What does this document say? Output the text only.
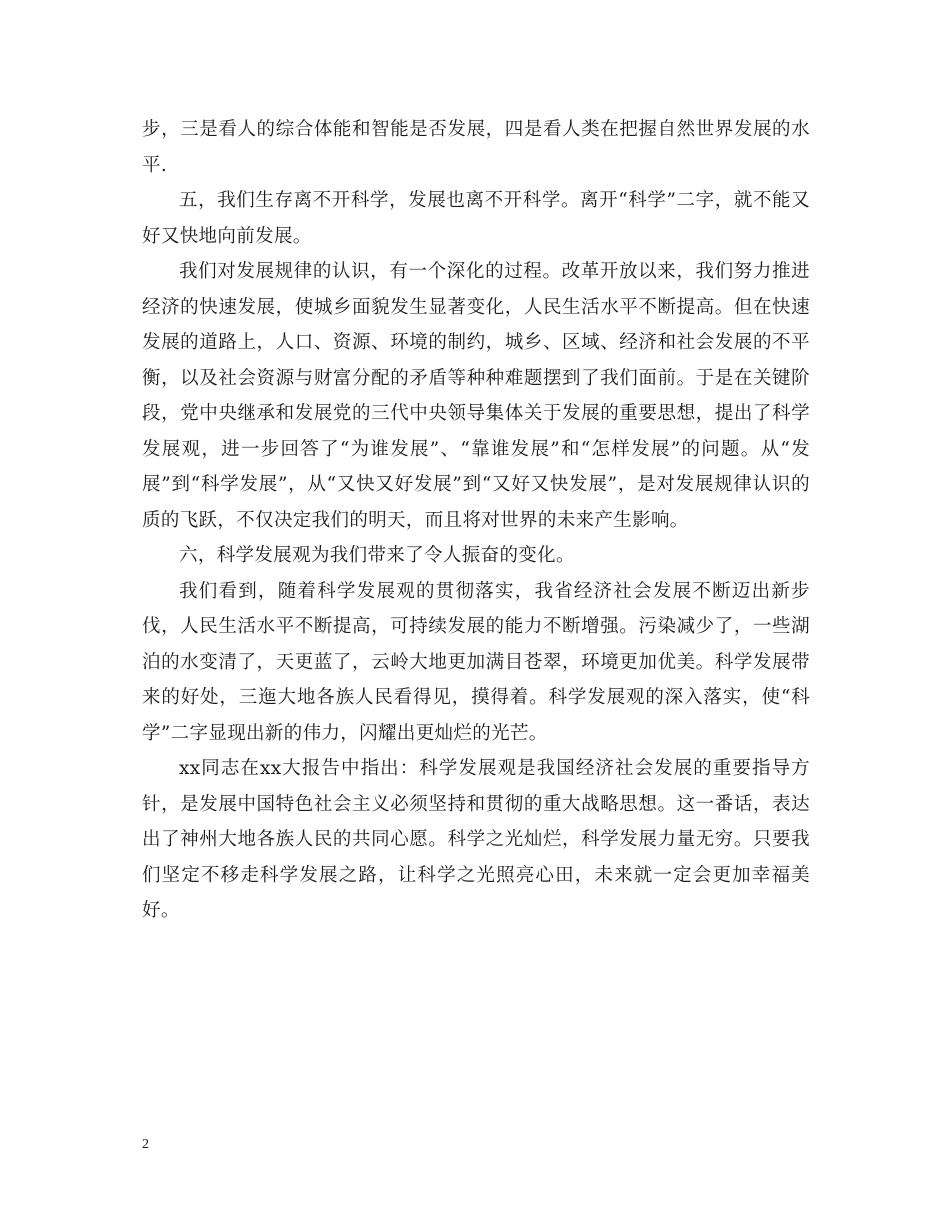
步，三是看人的综合体能和智能是否发展，四是看人类在把握自然世界发展的水平.

五，我们生存离不开科学，发展也离不开科学。离开“科学”二字，就不能又好又快地向前发展。

我们对发展规律的认识，有一个深化的过程。改革开放以来，我们努力推进经济的快速发展，使城乡面貌发生显著变化，人民生活水平不断提高。但在快速发展的道路上，人口、资源、环境的制约，城乡、区域、经济和社会发展的不平衡，以及社会资源与财富分配的矛盾等种种难题摆到了我们面前。于是在关键阶段，党中央继承和发展党的三代中央领导集体关于发展的重要思想，提出了科学发展观，进一步回答了“为谁发展”、“靠谁发展”和“怎样发展”的问题。从“发展”到“科学发展”，从“又快又好发展”到“又好又快发展”，是对发展规律认识的质的飞跃，不仅决定我们的明天，而且将对世界的未来产生影响。

六，科学发展观为我们带来了令人振奋的变化。

我们看到，随着科学发展观的贯彻落实，我省经济社会发展不断迈出新步伐，人民生活水平不断提高，可持续发展的能力不断增强。污染减少了，一些湖泊的水变清了，天更蓝了，云岭大地更加满目苍翠，环境更加优美。科学发展带来的好处，三迤大地各族人民看得见，摸得着。科学发展观的深入落实，使“科学”二字显现出新的伟力，闪耀出更灿烂的光芒。

xx同志在xx大报告中指出：科学发展观是我国经济社会发展的重要指导方针，是发展中国特色社会主义必须坚持和贯彻的重大战略思想。这一番话，表达出了神州大地各族人民的共同心愿。科学之光灿烂，科学发展力量无穷。只要我们坚定不移走科学发展之路，让科学之光照亮心田，未来就一定会更加幸福美好。

2
